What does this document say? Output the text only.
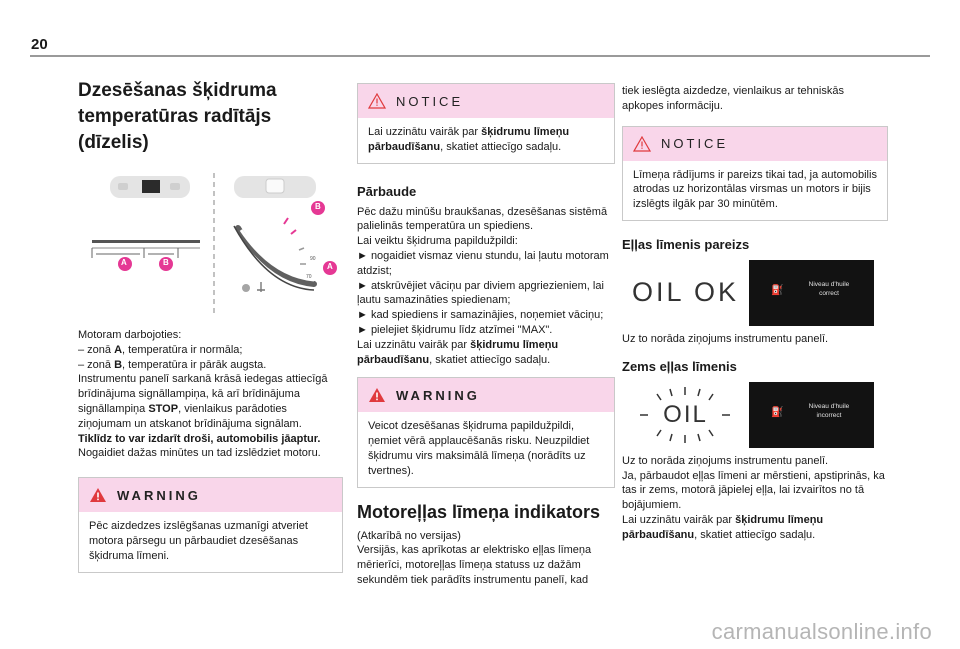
20
Dzesēšanas šķidruma temperatūras radītājs (dīzelis)
A	B
B
A
90
70

Motoram darbojoties:

– zonā A, temperatūra ir normāla;

– zonā B, temperatūra ir pārāk augsta.

Instrumentu panelī sarkanā krāsā iedegas attiecīgā brīdinājuma signāllampiņa, kā arī brīdinājuma signāllampiņa STOP, vienlaikus parādoties ziņojumam un atskanot brīdinājuma signālam.

Tiklīdz to var izdarīt droši, automobilis jāaptur.

Nogaidiet dažas minūtes un tad izslēdziet motoru.

WARNING
Pēc aizdedzes izslēgšanas uzmanīgi atveriet motora pārsegu un pārbaudiet dzesēšanas šķidruma līmeni.
NOTICE
Lai uzzinātu vairāk par šķidrumu līmeņu pārbaudīšanu, skatiet attiecīgo sadaļu.
Pārbaude

Pēc dažu minūšu braukšanas, dzesēšanas sistēmā palielinās temperatūra un spiediens.

Lai veiktu šķidruma papildužpildi:

► nogaidiet vismaz vienu stundu, lai ļautu motoram atdzist;

► atskrūvējiet vāciņu par diviem apgriezieniem, lai ļautu samazināties spiedienam;

► kad spiediens ir samazinājies, noņemiet vāciņu;

► pielejiet šķidrumu līdz atzīmei "MAX".

Lai uzzinātu vairāk par šķidrumu līmeņu pārbaudīšanu, skatiet attiecīgo sadaļu.

WARNING
Veicot dzesēšanas šķidruma papildužpildi, ņemiet vērā applaucēšanās risku. Neuzpildiet šķidrumu virs maksimālā līmeņa (norādīts uz tvertnes).
Motoreļļas līmeņa indikators

(Atkarībā no versijas)

Versijās, kas aprīkotas ar elektrisko eļļas līmeņa mērierīci, motoreļļas līmeņa statuss uz dažām sekundēm tiek parādīts instrumentu panelī, kad

tiek ieslēgta aizdedze, vienlaikus ar tehniskās apkopes informāciju.

NOTICE
Līmeņa rādījums ir pareizs tikai tad, ja automobilis atrodas uz horizontālas virsmas un motors ir bijis izslēgts ilgāk par 30 minūtēm.
Eļļas līmenis pareizs
OIL OK	⛽
Niveau d'huile
correct

Uz to norāda ziņojums instrumentu panelī.

Zems eļļas līmenis
OIL	⛽
Niveau d'huile
incorrect

Uz to norāda ziņojums instrumentu panelī.

Ja, pārbaudot eļļas līmeni ar mērstieni, apstiprinās, ka tas ir zems, motorā jāpielej eļļa, lai izvairītos no tā bojājumiem.

Lai uzzinātu vairāk par šķidrumu līmeņu pārbaudīšanu, skatiet attiecīgo sadaļu.

carmanualsonline.info
